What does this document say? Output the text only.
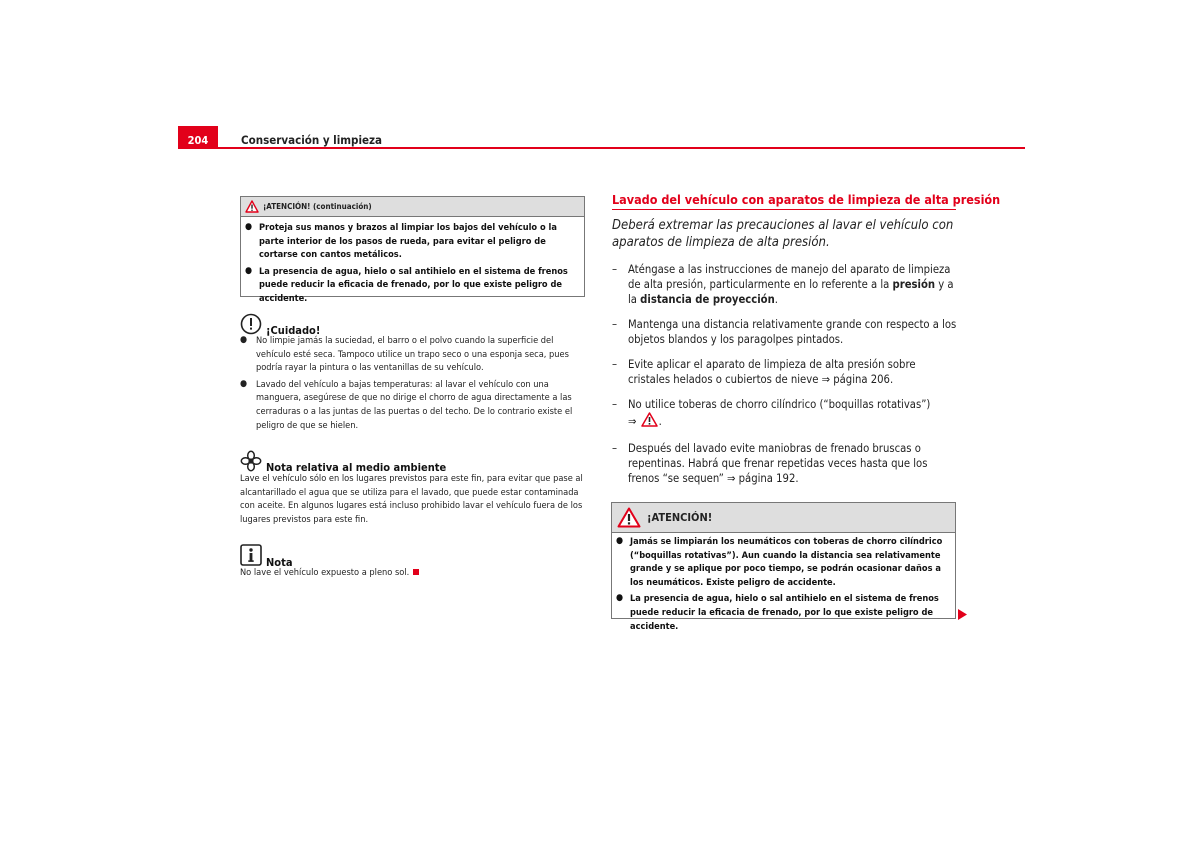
204	Conservación y limpieza
¡ATENCIÓN! (continuación)
● Proteja sus manos y brazos al limpiar los bajos del vehículo o la parte interior de los pasos de rueda, para evitar el peligro de cortarse con cantos metálicos.
● La presencia de agua, hielo o sal antihielo en el sistema de frenos puede reducir la eficacia de frenado, por lo que existe peligro de accidente.
¡Cuidado!
● No limpie jamás la suciedad, el barro o el polvo cuando la superficie del vehículo esté seca. Tampoco utilice un trapo seco o una esponja seca, pues podría rayar la pintura o las ventanillas de su vehículo.
● Lavado del vehículo a bajas temperaturas: al lavar el vehículo con una manguera, asegúrese de que no dirige el chorro de agua directamente a las cerraduras o a las juntas de las puertas o del techo. De lo contrario existe el peligro de que se hielen.
Nota relativa al medio ambiente
Lave el vehículo sólo en los lugares previstos para este fin, para evitar que pase al alcantarillado el agua que se utiliza para el lavado, que puede estar contaminada con aceite. En algunos lugares está incluso prohibido lavar el vehículo fuera de los lugares previstos para este fin.
Nota
No lave el vehículo expuesto a pleno sol.
Lavado del vehículo con aparatos de limpieza de alta presión
Deberá extremar las precauciones al lavar el vehículo con aparatos de limpieza de alta presión.
– Aténgase a las instrucciones de manejo del aparato de limpieza de alta presión, particularmente en lo referente a la presión y a la distancia de proyección.
– Mantenga una distancia relativamente grande con respecto a los objetos blandos y los paragolpes pintados.
– Evite aplicar el aparato de limpieza de alta presión sobre cristales helados o cubiertos de nieve ⇒ página 206.
– No utilice toberas de chorro cilíndrico (“boquillas rotativas”)
⇒ .
– Después del lavado evite maniobras de frenado bruscas o repentinas. Habrá que frenar repetidas veces hasta que los frenos “se sequen” ⇒ página 192.
¡ATENCIÓN!
● Jamás se limpiarán los neumáticos con toberas de chorro cilíndrico (“boquillas rotativas”). Aun cuando la distancia sea relativamente grande y se aplique por poco tiempo, se podrán ocasionar daños a los neumáticos. Existe peligro de accidente.
● La presencia de agua, hielo o sal antihielo en el sistema de frenos puede reducir la eficacia de frenado, por lo que existe peligro de accidente.
